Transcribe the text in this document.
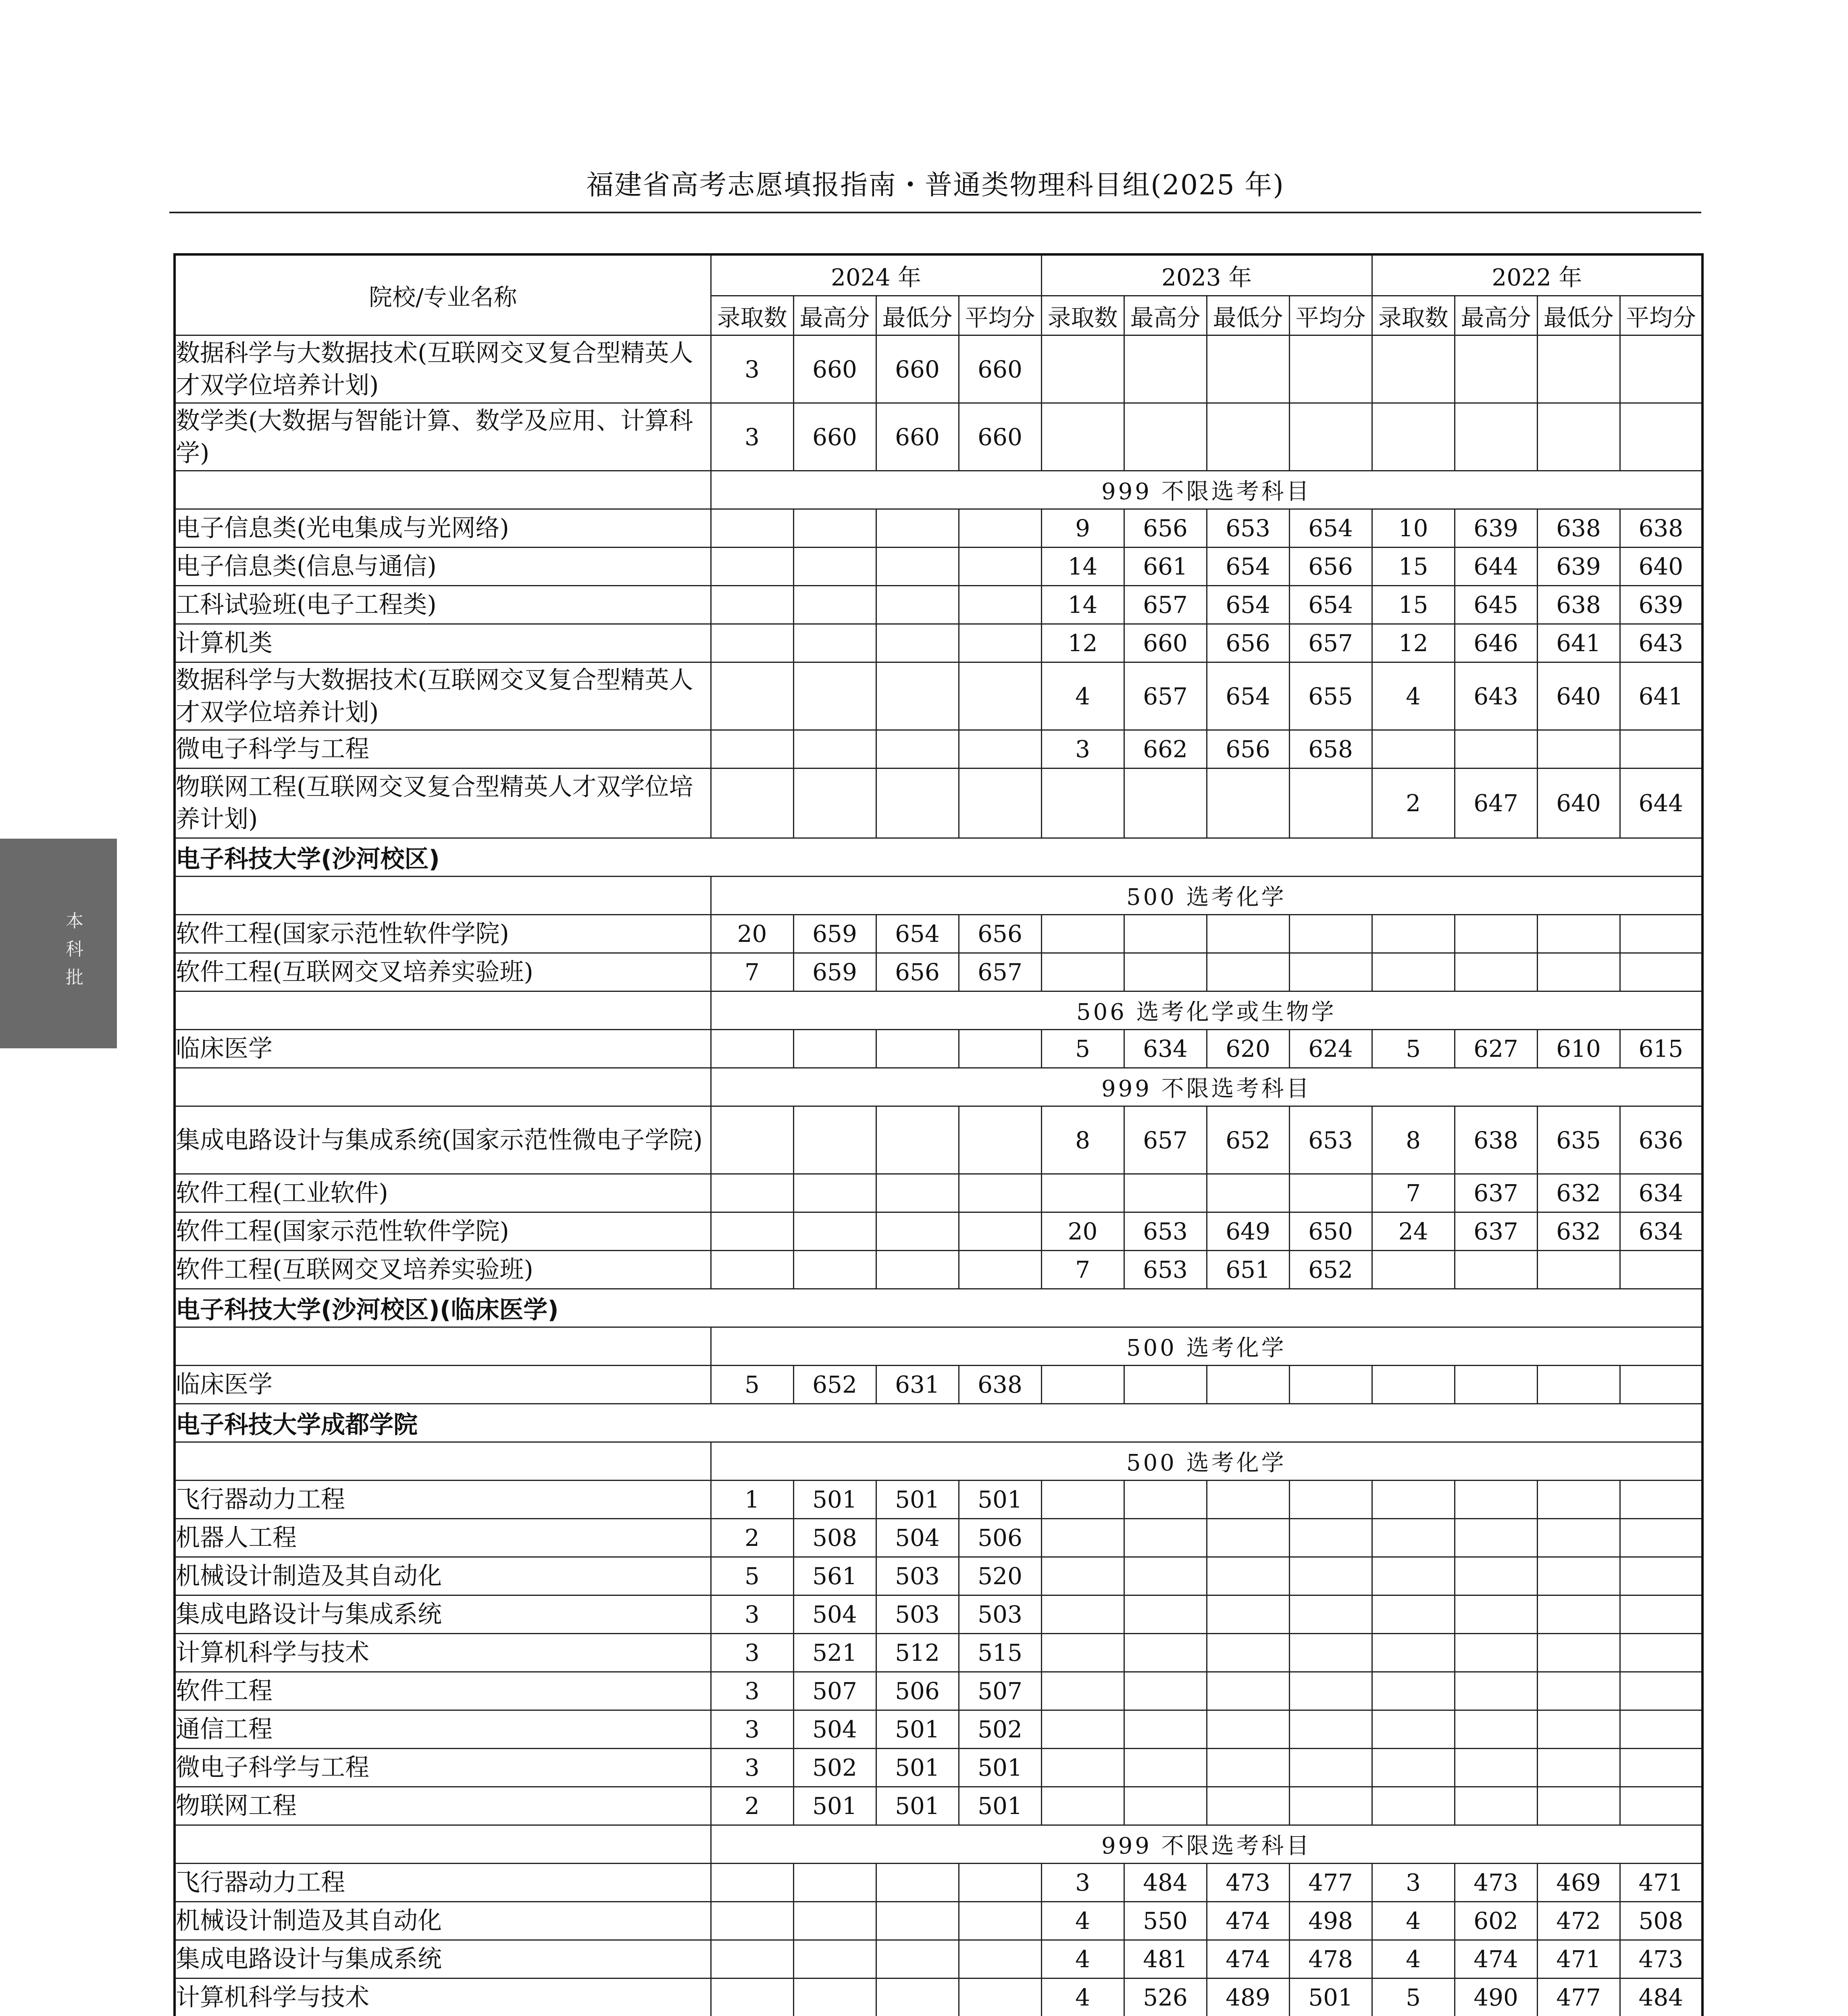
福建省高考志愿填报指南・普通类物理科目组(2025 年)
本
科
批
院校/专业名称	2024 年				2023 年				2022 年			
	录取数	最高分	最低分	平均分	录取数	最高分	最低分	平均分	录取数	最高分	最低分	平均分
数据科学与大数据技术(互联网交叉复合型精英人才双学位培养计划)	3	660	660	660								
数学类(大数据与智能计算、数学及应用、计算科学)	3	660	660	660								
	999 不限选考科目											
电子信息类(光电集成与光网络)					9	656	653	654	10	639	638	638
电子信息类(信息与通信)					14	661	654	656	15	644	639	640
工科试验班(电子工程类)					14	657	654	654	15	645	638	639
计算机类					12	660	656	657	12	646	641	643
数据科学与大数据技术(互联网交叉复合型精英人才双学位培养计划)					4	657	654	655	4	643	640	641
微电子科学与工程					3	662	656	658				
物联网工程(互联网交叉复合型精英人才双学位培养计划)									2	647	640	644
电子科技大学(沙河校区)												
	500 选考化学											
软件工程(国家示范性软件学院)	20	659	654	656								
软件工程(互联网交叉培养实验班)	7	659	656	657								
	506 选考化学或生物学											
临床医学					5	634	620	624	5	627	610	615
	999 不限选考科目											
集成电路设计与集成系统(国家示范性微电子学院)					8	657	652	653	8	638	635	636
软件工程(工业软件)									7	637	632	634
软件工程(国家示范性软件学院)					20	653	649	650	24	637	632	634
软件工程(互联网交叉培养实验班)					7	653	651	652				
电子科技大学(沙河校区)(临床医学)												
	500 选考化学											
临床医学	5	652	631	638								
电子科技大学成都学院												
	500 选考化学											
飞行器动力工程	1	501	501	501								
机器人工程	2	508	504	506								
机械设计制造及其自动化	5	561	503	520								
集成电路设计与集成系统	3	504	503	503								
计算机科学与技术	3	521	512	515								
软件工程	3	507	506	507								
通信工程	3	504	501	502								
微电子科学与工程	3	502	501	501								
物联网工程	2	501	501	501								
	999 不限选考科目											
飞行器动力工程					3	484	473	477	3	473	469	471
机械设计制造及其自动化					4	550	474	498	4	602	472	508
集成电路设计与集成系统					4	481	474	478	4	474	471	473
计算机科学与技术					4	526	489	501	5	490	477	484
